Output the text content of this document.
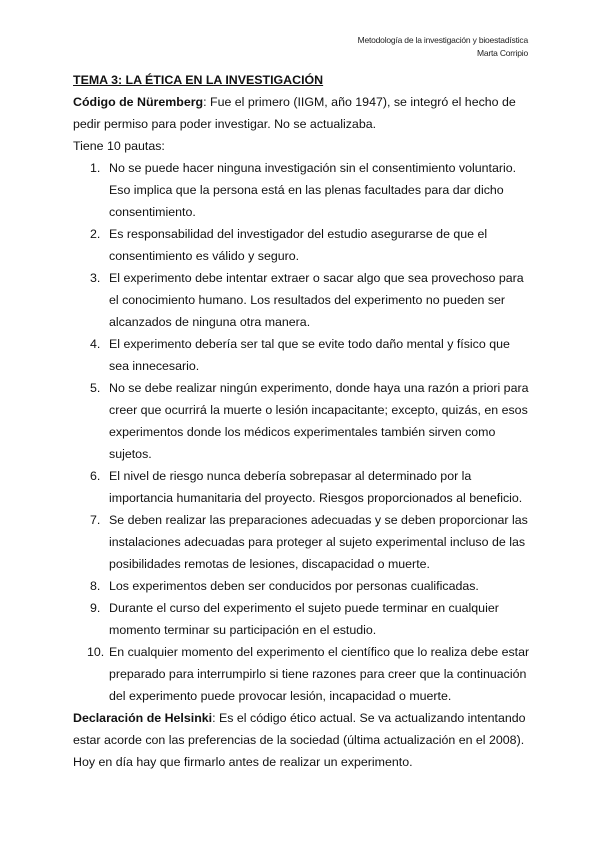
Metodología de la investigación y bioestadística
Marta Corripio

TEMA 3: LA ÉTICA EN LA INVESTIGACIÓN

Código de Nüremberg: Fue el primero (IIGM, año 1947), se integró el hecho de pedir permiso para poder investigar. No se actualizaba.

Tiene 10 pautas:

1. No se puede hacer ninguna investigación sin el consentimiento voluntario. Eso implica que la persona está en las plenas facultades para dar dicho consentimiento.
2. Es responsabilidad del investigador del estudio asegurarse de que el consentimiento es válido y seguro.
3. El experimento debe intentar extraer o sacar algo que sea provechoso para el conocimiento humano. Los resultados del experimento no pueden ser alcanzados de ninguna otra manera.
4. El experimento debería ser tal que se evite todo daño mental y físico que sea innecesario.
5. No se debe realizar ningún experimento, donde haya una razón a priori para creer que ocurrirá la muerte o lesión incapacitante; excepto, quizás, en esos experimentos donde los médicos experimentales también sirven como sujetos.
6. El nivel de riesgo nunca debería sobrepasar al determinado por la importancia humanitaria del proyecto. Riesgos proporcionados al beneficio.
7. Se deben realizar las preparaciones adecuadas y se deben proporcionar las instalaciones adecuadas para proteger al sujeto experimental incluso de las posibilidades remotas de lesiones, discapacidad o muerte.
8. Los experimentos deben ser conducidos por personas cualificadas.
9. Durante el curso del experimento el sujeto puede terminar en cualquier momento terminar su participación en el estudio.
10. En cualquier momento del experimento el científico que lo realiza debe estar preparado para interrumpirlo si tiene razones para creer que la continuación del experimento puede provocar lesión, incapacidad o muerte.

Declaración de Helsinki: Es el código ético actual. Se va actualizando intentando estar acorde con las preferencias de la sociedad (última actualización en el 2008). Hoy en día hay que firmarlo antes de realizar un experimento.
